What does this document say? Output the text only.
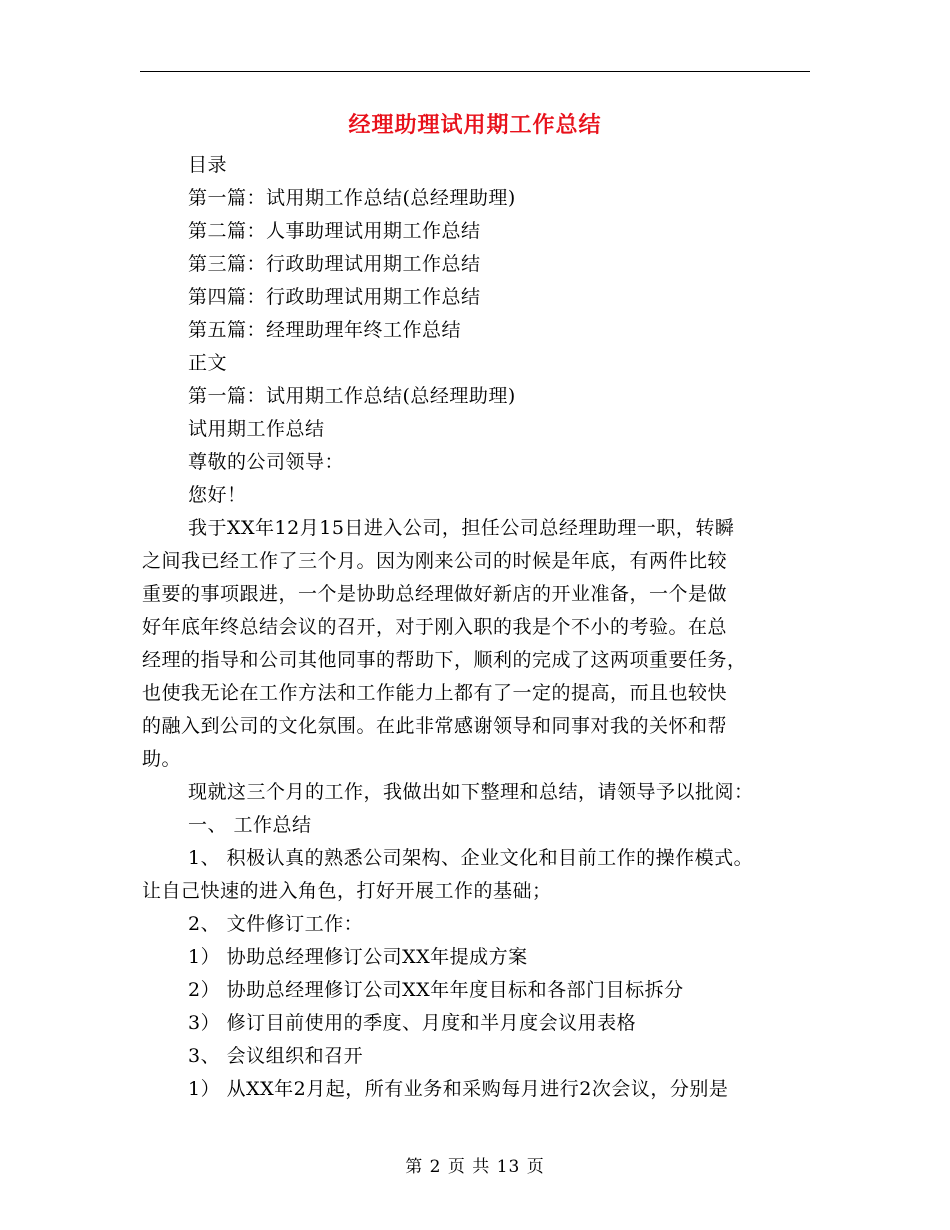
经理助理试用期工作总结
目录
第一篇：试用期工作总结(总经理助理)
第二篇：人事助理试用期工作总结
第三篇：行政助理试用期工作总结
第四篇：行政助理试用期工作总结
第五篇：经理助理年终工作总结
正文
第一篇：试用期工作总结(总经理助理)
试用期工作总结
尊敬的公司领导：
您好！
我于XX年12月15日进入公司，担任公司总经理助理一职，转瞬
之间我已经工作了三个月。因为刚来公司的时候是年底，有两件比较
重要的事项跟进，一个是协助总经理做好新店的开业准备，一个是做
好年底年终总结会议的召开，对于刚入职的我是个不小的考验。在总
经理的指导和公司其他同事的帮助下，顺利的完成了这两项重要任务，
也使我无论在工作方法和工作能力上都有了一定的提高，而且也较快
的融入到公司的文化氛围。在此非常感谢领导和同事对我的关怀和帮
助。
现就这三个月的工作，我做出如下整理和总结，请领导予以批阅：
一、 工作总结
1、 积极认真的熟悉公司架构、企业文化和目前工作的操作模式。
让自己快速的进入角色，打好开展工作的基础；
2、 文件修订工作：
1） 协助总经理修订公司XX年提成方案
2） 协助总经理修订公司XX年年度目标和各部门目标拆分
3） 修订目前使用的季度、月度和半月度会议用表格
3、 会议组织和召开
1） 从XX年2月起，所有业务和采购每月进行2次会议，分别是
第 2 页 共 13 页
